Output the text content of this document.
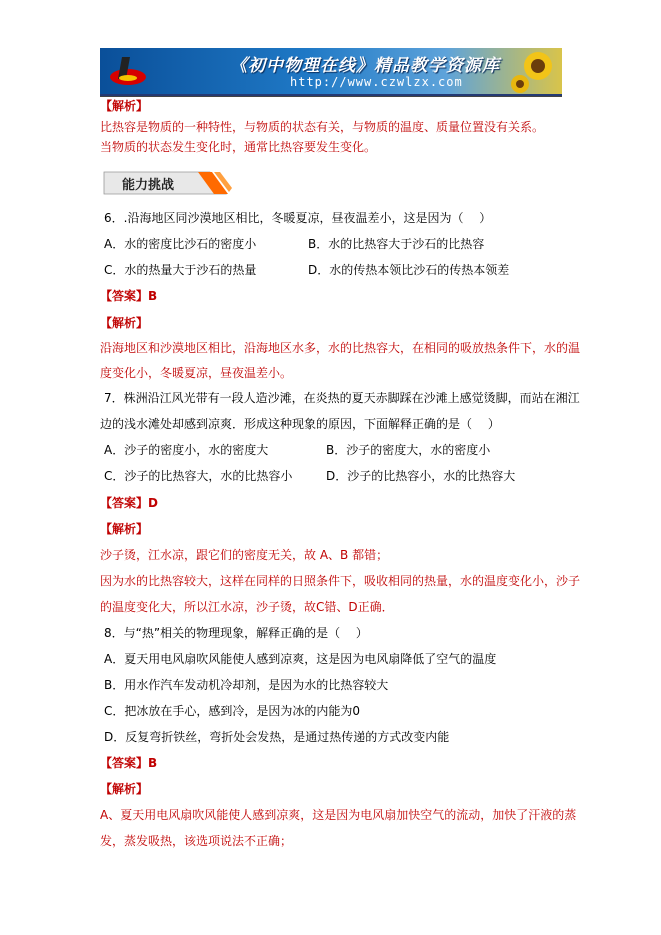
《初中物理在线》精品教学资源库
http://www.czwlzx.com
【解析】
比热容是物质的一种特性，与物质的状态有关，与物质的温度、质量位置没有关系。
当物质的状态发生变化时，通常比热容要发生变化。
能力挑战
6．.沿海地区同沙漠地区相比，冬暖夏凉，昼夜温差小，这是因为（　 ）
A．水的密度比沙石的密度小	B．水的比热容大于沙石的比热容
C．水的热量大于沙石的热量	D．水的传热本领比沙石的传热本领差
【答案】B
【解析】
沿海地区和沙漠地区相比，沿海地区水多，水的比热容大，在相同的吸放热条件下，水的温
度变化小，冬暖夏凉，昼夜温差小。
7．株洲沿江风光带有一段人造沙滩，在炎热的夏天赤脚踩在沙滩上感觉烫脚，而站在湘江
边的浅水滩处却感到凉爽．形成这种现象的原因，下面解释正确的是（　 ）
A．沙子的密度小，水的密度大	B．沙子的密度大，水的密度小
C．沙子的比热容大，水的比热容小	D．沙子的比热容小，水的比热容大
【答案】D
【解析】
沙子烫，江水凉，跟它们的密度无关，故 A、B 都错；
因为水的比热容较大，这样在同样的日照条件下，吸收相同的热量，水的温度变化小，沙子
的温度变化大，所以江水凉，沙子烫，故C错、D正确．
8．与“热”相关的物理现象，解释正确的是（　 ）
A．夏天用电风扇吹风能使人感到凉爽，这是因为电风扇降低了空气的温度
B．用水作汽车发动机冷却剂，是因为水的比热容较大
C．把冰放在手心，感到冷，是因为冰的内能为0
D．反复弯折铁丝，弯折处会发热，是通过热传递的方式改变内能
【答案】B
【解析】
A、夏天用电风扇吹风能使人感到凉爽，这是因为电风扇加快空气的流动，加快了汗液的蒸
发，蒸发吸热，该选项说法不正确；
